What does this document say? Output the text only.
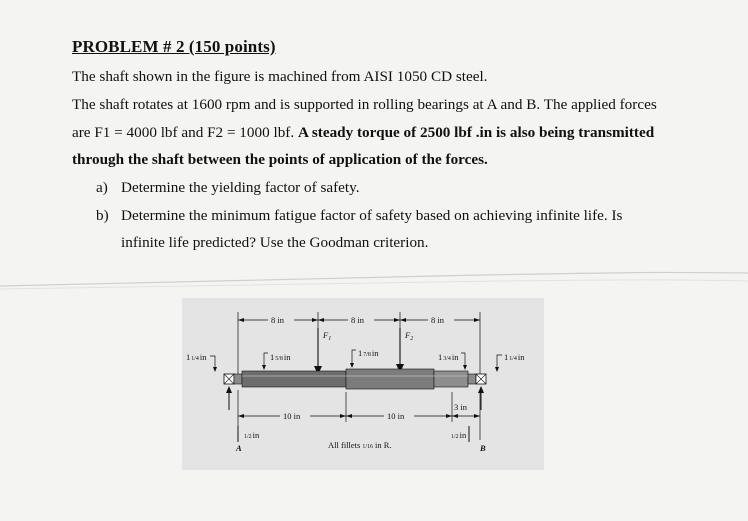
PROBLEM # 2 (150 points)
The shaft shown in the figure is machined from AISI 1050 CD steel.
The shaft rotates at 1600 rpm and is supported in rolling bearings at A and B. The applied forces
are F1 = 4000 lbf and F2 = 1000 lbf. A steady torque of 2500 lbf .in is also being transmitted
through the shaft between the points of application of the forces.
a) Determine the yielding factor of safety.
b) Determine the minimum fatigue factor of safety based on achieving infinite life. Is
infinite life predicted? Use the Goodman criterion.
8 in	8 in	8 in
$F_1$	$F_2$
11/4in	15/8in	17/8in	13/4in	11/4in
10 in	10 in
3 in
1/2in	1/2in
A	B
All fillets 1/16 in R.
